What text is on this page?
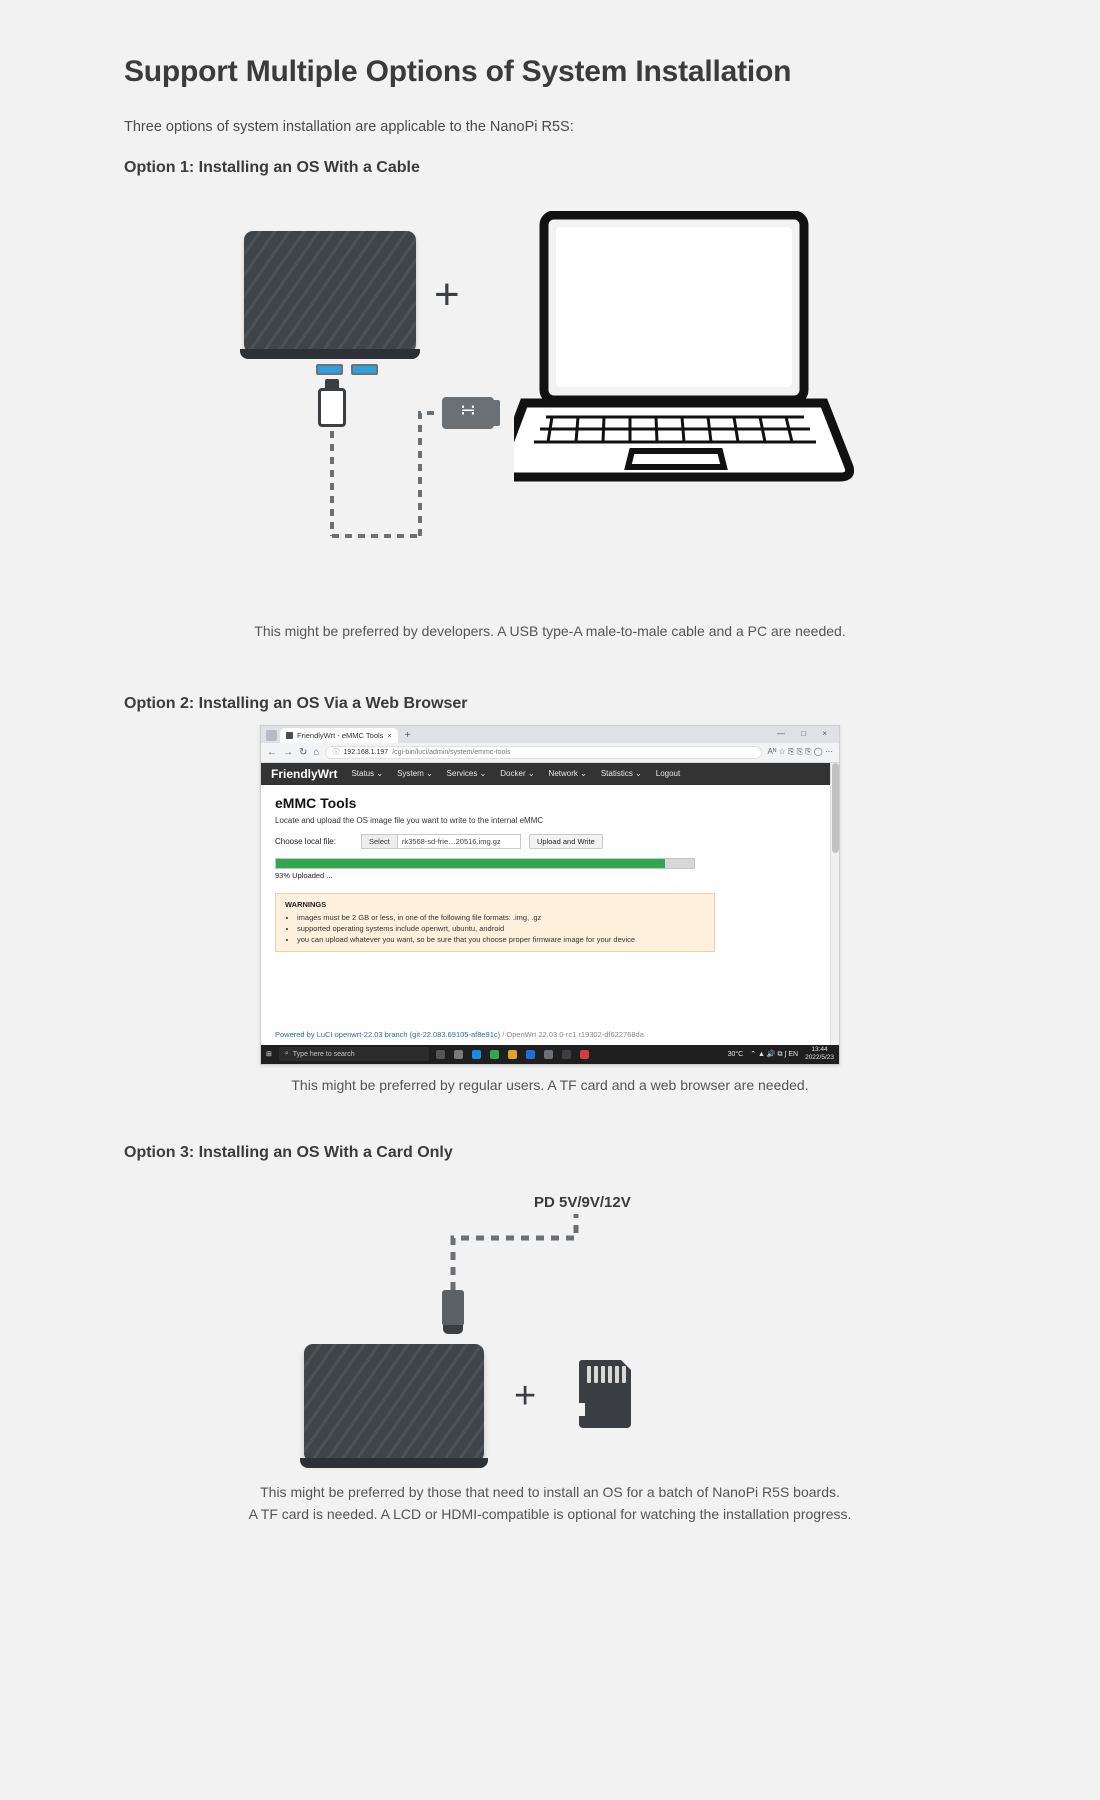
Support Multiple Options of System Installation

Three options of system installation are applicable to the NanoPi R5S:

Option 1: Installing an OS With a Cable
∺
+

This might be preferred by developers. A USB type-A male-to-male cable and a PC are needed.

Option 2: Installing an OS Via a Web Browser
FriendlyWrt - eMMC Tools × +	— □ ×
← → ↻ ⌂ ⓘ 192.168.1.197 /cgi-bin/luci/admin/system/emmc-tools	Aᴺ ☆ ⎘ ⎘ ⎘ ◯ ⋯
FriendlyWrt Status ⌄ System ⌄ Services ⌄ Docker ⌄ Network ⌄ Statistics ⌄ Logout
eMMC Tools
Locate and upload the OS image file you want to write to the internal eMMC
Choose local file:	Select	rk3568-sd-frie…20516.img.gz	Upload and Write
93% Uploaded ...
WARNINGS
• images must be 2 GB or less, in one of the following file formats: .img, .gz
• supported operating systems include openwrt, ubuntu, android
• you can upload whatever you want, so be sure that you choose proper firmware image for your device
Powered by LuCI openwrt-22.03 branch (git-22.083.69105-af8e91c) / OpenWrt 22.03.0-rc1 r19302-df622768da
⊞ ⌕ Type here to search	30°C ⌃ ▲ 🔊 ⧉ ∫ EN
13:44
2022/5/23

This might be preferred by regular users. A TF card and a web browser are needed.

Option 3: Installing an OS With a Card Only
PD 5V/9V/12V
+

This might be preferred by those that need to install an OS for a batch of NanoPi R5S boards.
A TF card is needed. A LCD or HDMI-compatible is optional for watching the installation progress.
